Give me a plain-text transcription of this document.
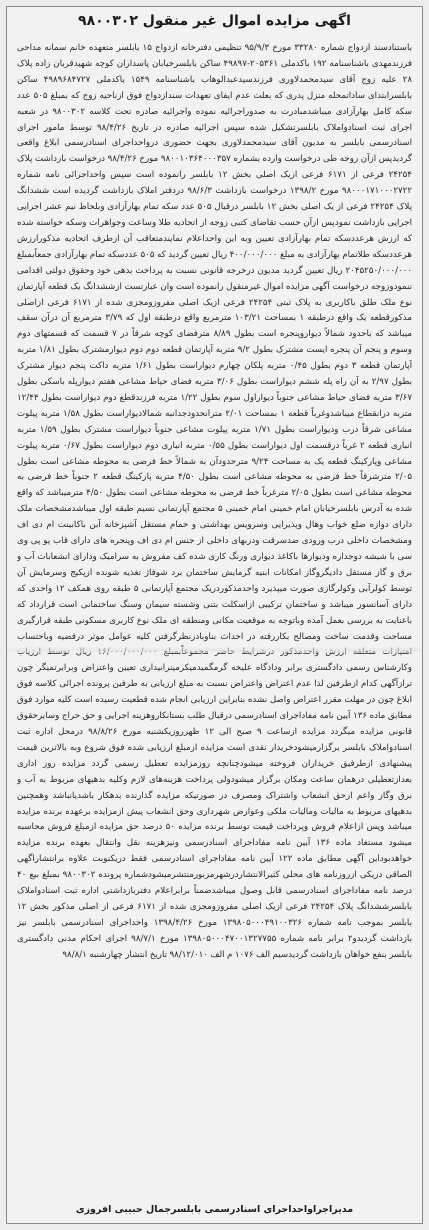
اگهی مزایده اموال غیر منقول ۹۸۰۰۳۰۲
باستنادسند ازدواج شماره ۳۳۲۸۰ مورخ ۹۵/۹/۳ تنظیمی دفترخانه ازدواج ۱۵ بابلسر متعهده خانم سمانه مداحی فرزندمهدی باشناسنامه ۱۹۲ باکدملی ۲۰۵۳۶۱-۴۹۸۹۷ ساکن بابلسرخیابان پاسداران کوچه شهیدقربان زاده پلاک ۲۸ علیه زوج آقای سیدمحمدلاوری فرزندسیدعبدالوهاب باشناسنامه ۱۵۴۹ باکدملی ۴۹۸۹۶۸۴۷۲۷ ساکن بابلسرابتدای ساداتمحله منزل پدری که بعلت عدم ایفای تعهدات سندازدواج فوق ازناحیه زوج که بمبلغ ۵۰۵ عدد سکه کامل بهارآزادی میباشدمبادرت به صدوراجرائیه نموده واجرائیه صادره تحت کلاسه ۹۸۰۰۳۰۲ در شعبه اجرای ثبت اسنادواملاک بابلسرتشکیل شده سپس اجرائیه صادره در تاریخ ۹۸/۴/۲۶ توسط مامور اجرای اسنادرسمی بابلسر به مدیون آقای سیدمحمدلاوری بجهت حضوری درواحداجرای اسنادرسمی ابلاغ واقعی گردیدپس ازآن زوجه طی درخواست وارده بشماره ۹۸۰۰۱۰۳۶۴۰۰۰۳۵۷ مورخ ۹۸/۴/۲۶ درخواست بازداشت پلاک ۲۴۲۵۴ فرعی از ۶۱۷۱ فرعی ازیک اصلی بخش ۱۲ بابلسر رانموده است سپس واحداجرائی نامه شماره ۹۸۰۰۰۱۷۱۰۰۰۲۷۲۲ مورخ ۱۳۹۸/۲ درخواست بازداشت ۹۸/۶/۳ دردفتر املاک بازداشت گردیده است ششدانگ پلاک ۲۴۲۵۴ فرعی از یک اصلی بخش ۱۲ بابلسر درقبال ۵۰۵ عدد سکه تمام بهارآزادی وبلحاظ نیم عشر اجرایی اجرایی بازداشت نمودپس ازآن حسب تقاضای کتبی زوجه از اتحادیه طلا وساعت وجواهرات وسکه خواسته شده که ارزش هرعددسکه تمام بهارآزادی تعیین وبه این واحداعلام نمایندمتعاقب آن ازطرف اتحادیه مذکورارزش هرعددسکه طلاتمام بهارآزادی به مبلغ ۴۰۰/۰۰۰/۰۰۰ ریال تعیین گردید که ۵۰۵ عددسکه تمام بهارآزادی جمعاًبمبلغ ۲۰۴۵۲۵۰/۰۰۰/۰۰۰ ریال تعیین گردید مدیون درخرجه قانونی نسبت به پرداخت بدهی خود وحقوق دولتی اقدامی ننمودوزوجه درخواست آگهی مزایده اموال غیرمنقول رانموده است وان عبارتست ازششدانگ یک قطعه آپارتمان نوع ملک طلق باکاربری به پلاک ثبتی ۲۴۲۵۴ فرعی ازیک اصلی مفروزومجزی شده از ۶۱۷۱ فرعی ازاصلی مذکورقطعه یک واقع درطبقه ۱ بمساحت ۱۰۳/۲۱ مترمربع واقع درطبقه اول که ۳/۷۹ مترمربع آن درآن سقف میباشد که باحدود شمالاً دیواروپنجره است بطول ۸/۸۹ مترفضای کوچه شرقاً در ۷ قسمت که قسمتهای دوم وسوم و پنجم آن پنجره ایست مشترک بطول ۹/۲ متربه آپارتمان قطعه دوم دوم دیوارمشترک بطول ۱/۸۱ متربه آپارتمان قطعه ۳ دوم بطول ۰/۴۵ متربه پلکان چهارم دیواراست بطول ۱/۶۱ متربه داکت پنجم دیوار مشترک بطول ۲/۹۷ به آن راه پله ششم دیواراست بطول ۳/۰۶ متربه فضای حیاط مشاعی هفتم دیوارپله باسکی بطول ۳/۶۷ متربه فضای حیاط مشاعی جنوباً دیواراول سوم بطول ۱/۲۲ متربه فرزندقطع دوم دیواراست بطول ۱۲/۴۴ متربه درانقطاع میباشدوغرباً قطعه ۱ بمساحت ۲/۰۱ مترانحدودجدانبه شمالادیواراست بطول ۱/۵۸ متربه پیلوت مشاعی شرقاً درب ودیواراست بطول ۱/۷۱ متربه پیلوت مشاعی جنوباً دیواراست مشترک بطول ۱/۵۹ متربه انباری قطعه ۲ غرباً درقسمت اول دیواراست بطول ۰/۵۵ متربه انباری دوم دیواراست بطول ۰/۶۷ متربه پیلوت مشاعی وپارکینگ قطعه یک به مساحت ۹/۲۴ مترحدودآن به شمالاً خط فرضی به محوطه مشاعی است بطول ۲/۰۵ مترشرقاً خط فرضی به محوطه مشاعی است بطول ۴/۵۰ متربه پارکینگ قطعه ۲ جنوباً خط فرضی به محوطه مشاعی است بطول ۲/۰۵ مترغرباً خط فرضی به محوطه مشاعی است بطول ۴/۵۰ مترمیباشد که واقع شده به آدرس بابلسرخیابان امام خمینی امام خمینی ۵ مجتمع آپارتمانی نسیم طبقه اول میباشدمشخصات ملک دارای دوازه ضلع خواب وهال وپذیرایی وسرویس بهداشتی و حمام مستقل آشپزخانه آبن باکابینت ام دی اف ومشخصات داخلی درب ورودی ضدسرقت ودربهای داخلی از جنس ام دی اف وپنجره های دارای قاب پو پی وی سی با شیشه دوجداره ودیوارها باکاغذ دیواری ورنگ کاری شده کف مفروش به سرامیک ودارای انشعابات آب و برق و گاز مستقل دادیگروگاز امکانات ابنیه گرمایش ساختمان برد شوفاژ تغذیه شونده ازپکیج وسرمایش آن توسط کولرآبی وکولرگازی صورت میپذیرد واحدمذکوردریک مجتمع آپارتمانی ۵ طبقه روی همکف ۱۲ واحدی که دارای آسانسور میباشد و ساختمان ترکیبی ازاسکلت بتنی وشسته سیمان وسنگ ساختمانی است قرارداد که باعنایت به بررسی بعمل آمده وباتوجه به موقعیت مکانی ومنطقه ای ملک نوع کاربری مسکونی طبقه قرارگیری مساحت وقدمت ساخت ومصالح بکاررفته در احداث بناوبادرنظرگرفتن کلیه عوامل موثر درقضیه وباحتساب وکارشناس رسمی دادگستری برابر ودادگاه علیخه گرمگمیدمیکرمینرانیداری تعیین واعتراض وبرابرتمیگر چون ترازآگهی کدام ازطرفین لذا عدم اعتراض واعتراض نسبت به مبلغ ارزیابی به طرفین پرونده اجرائی کلاسه فوق ابلاغ ‌چون در مهلت مقرر اعتراض واصل نشده بنابراین ارزیابی انجام شده قطعیت رسیده است کلیه موارد فوق مطابق ماده ۱۳۶ آیین نامه مفاداجرای اسنادرسمی درقبال طلب بستانکاروهزینه اجرایی و حق حراج وسایرحقوق قانونی مزایده میگردد مزایده ازساعت ۹ صبح الی ۱۲ ظهرروزیکشنبه مورخ ۹۸/۸/۲۶ درمحل اداره ثبت اسنادواملاک بابلسر برگزارمیشودخریدار نقدی است مزایده ازمبلغ ارزیابی شده فوق شروع وبه بالاترین قیمت پیشنهادی ازطرفیق خریداران فروخته میشودچنانچه روزمزایده تعطیل رسمی گردد مزایده روز اداری بعدازتعطیلی درهمان ساعت ومکان برگزار میشودولی پرداخت هزینه‌های لازم وکلیه بدهیهای مربوط به آب و برق وگاز واعم ازحق انشعاب واشتراک ومصرف در صورتیکه مزایده ‌گذارنده بدهکار باشدیانباشد وهمچنین بدهیهای مربوط به مالیات ومالیات ملکی وعوارض شهرداری وحق انشعاب پیش ازمزایده برعهده برنده مزایده میباشد وپس ازاعلام فروش وپرداخت قیمت توسط برنده مزایده ۵۰ درصد حق مزایده ازمبلغ فروش محاسبه میشود مستغاد ماده ۱۳۶ آیین نامه مفاداجرای اسنادرسمی ونیزهزینه نقل وانتقال بعهده برنده مزایده خواهدبوداین آگهی مطابق ماده ۱۲۲ آیین نامه مفاداجرای اسنادرسمی فقط دریکنوبت علاوه برانتشاراگهی الصاقی دریکی ازروزنامه های محلی کثیرالانتشاردرشهرمزبورمنتشرمیشودشماره پرونده ۹۸۰۰۳۰۲ بمبلغ بیع ۴۰ درصد نامه مفاداجرای اسنادرسمی قابل وصول میباشدضمناً برابراعلام دفتربازداشتی اداره ثبت اسنادواملاک بابلسرششدانگ پلاک ۲۴۲۵۴ فرعی ازیک اصلی مفروزومجزی شده از ۶۱۷۱ فرعی از اصلی مذکور بخش ۱۲ بابلسر بموجب نامه شماره ۱۳۹۸۰۵۰۰۰۴۹۱۰۰۳۲۶ مورخ ۱۳۹۸/۴/۲۶ واحداجرای اسنادرسمی بابلسر نیز بازداشت گردیدو۲ برابر نامه شماره ۱۳۹۸۰۵۰۰۰۴۷۰۰۱۳۲۷۷۵۵ مورخ ۹۸/۷/۱ اجرای احکام مدنی دادگستری بابلسر بنفع خواهان بازداشت گردیدسیم الف ۱۰۷۶ م الف ۹۸/۱۲/۰۱۰ تاریخ انتشار چهارشنبه ۹۸/۸/۱
مدیراجراواحداجرای اسنادرسمی بابلسرجمال حبیبی افروزی
